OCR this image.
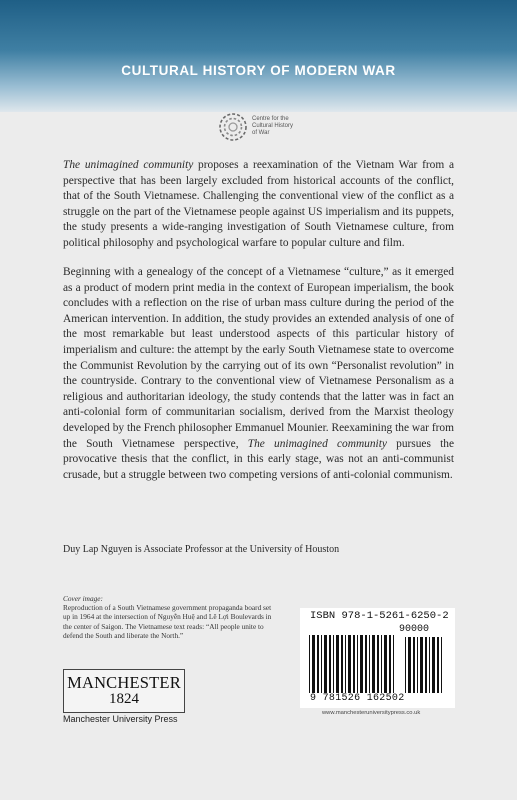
CULTURAL HISTORY OF MODERN WAR
Centre for the
Cultural History
of War

The unimagined community proposes a reexamination of the Vietnam War from a perspective that has been largely excluded from historical accounts of the conflict, that of the South Vietnamese. Challenging the conventional view of the conflict as a struggle on the part of the Vietnamese people against US imperialism and its puppets, the study presents a wide-ranging investigation of South Vietnamese culture, from political philosophy and psychological warfare to popular culture and film.

Beginning with a genealogy of the concept of a Vietnamese “culture,” as it emerged as a product of modern print media in the context of European imperialism, the book concludes with a reflection on the rise of urban mass culture during the period of the American intervention. In addition, the study provides an extended analysis of one of the most remarkable but least understood aspects of this particular history of imperialism and culture: the attempt by the early South Vietnamese state to overcome the Communist Revolution by the carrying out of its own “Personalist revolution” in the countryside. Contrary to the conventional view of Vietnamese Personalism as a religious and authoritarian ideology, the study contends that the latter was in fact an anti-colonial form of communitarian socialism, derived from the Marxist theology developed by the French philosopher Emmanuel Mounier. Reexamining the war from the South Vietnamese perspective, The unimagined community pursues the provocative thesis that the conflict, in this early stage, was not an anti-communist crusade, but a struggle between two competing versions of anti-colonial communism.

Duy Lap Nguyen is Associate Professor at the University of Houston
Cover image:
Reproduction of a South Vietnamese government propaganda board set up in 1964 at the intersection of Nguyễn Huệ and Lê Lợi Boulevards in the center of Saigon. The Vietnamese text reads: “All people unite to defend the South and liberate the North.”
ISBN 978-1-5261-6250-2
90000
9 781526 162502
www.manchesteruniversitypress.co.uk
MANCHESTER
1824
Manchester University Press
